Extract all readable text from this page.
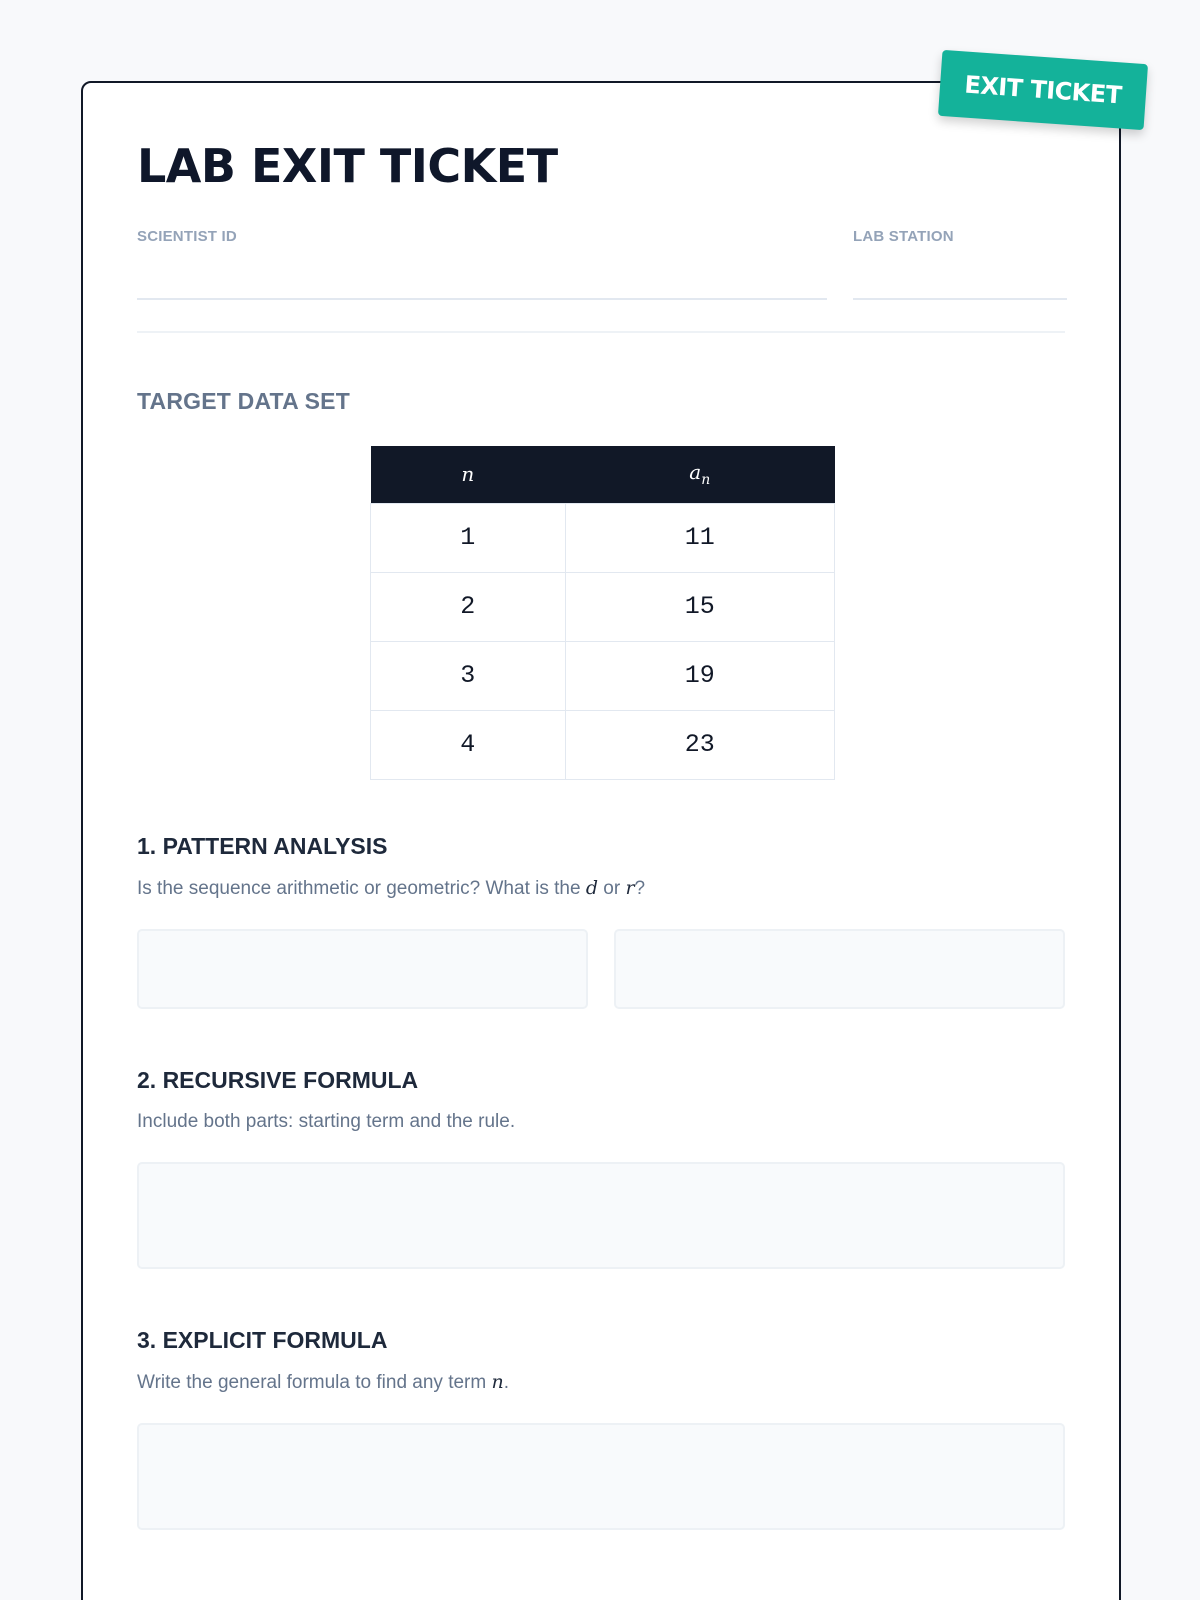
EXIT TICKET
LAB EXIT TICKET
SCIENTIST ID	LAB STATION
TARGET DATA SET
n	$a_n$
1	11
2	15
3	19
4	23
1. PATTERN ANALYSIS
Is the sequence arithmetic or geometric? What is the d or r?
2. RECURSIVE FORMULA
Include both parts: starting term and the rule.
3. EXPLICIT FORMULA
Write the general formula to find any term n.
